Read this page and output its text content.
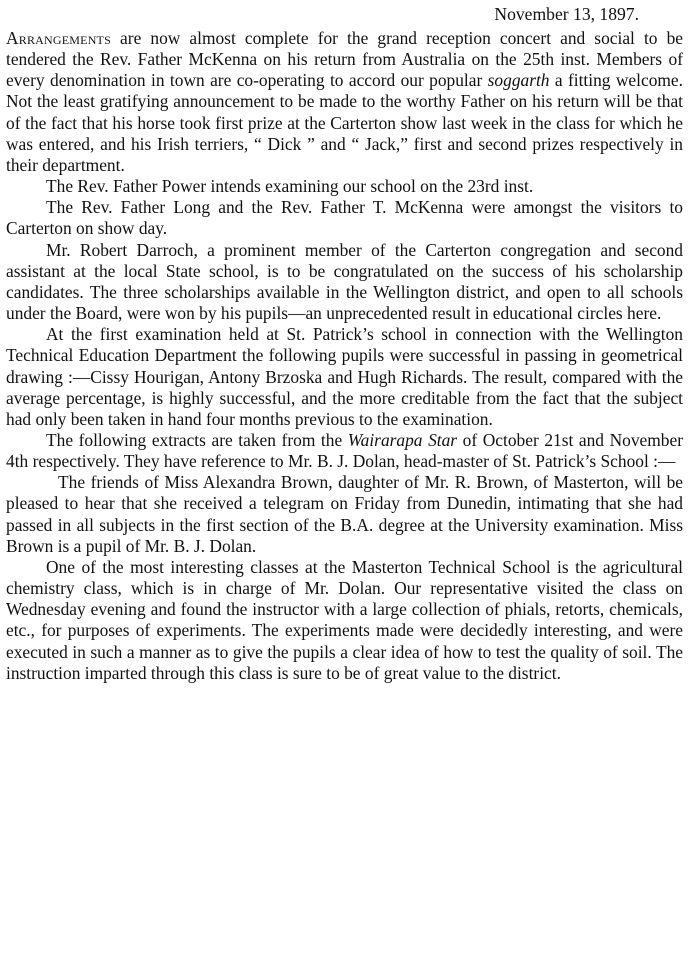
November 13, 1897.

Arrangements are now almost complete for the grand reception concert and social to be tendered the Rev. Father McKenna on his return from Australia on the 25th inst. Members of every denomination in town are co-operating to accord our popular soggarth a fitting welcome. Not the least gratifying announcement to be made to the worthy Father on his return will be that of the fact that his horse took first prize at the Carterton show last week in the class for which he was entered, and his Irish terriers, “ Dick ” and “ Jack,” first and second prizes respectively in their department.

The Rev. Father Power intends examining our school on the 23rd inst.

The Rev. Father Long and the Rev. Father T. McKenna were amongst the visitors to Carterton on show day.

Mr. Robert Darroch, a prominent member of the Carterton congregation and second assistant at the local State school, is to be congratulated on the success of his scholarship candidates. The three scholarships available in the Wellington district, and open to all schools under the Board, were won by his pupils—an unprecedented result in educational circles here.

At the first examination held at St. Patrick’s school in connection with the Wellington Technical Education Department the following pupils were successful in passing in geometrical drawing :—Cissy Hourigan, Antony Brzoska and Hugh Richards. The result, compared with the average percentage, is highly successful, and the more creditable from the fact that the subject had only been taken in hand four months previous to the examination.

The following extracts are taken from the Wairarapa Star of October 21st and November 4th respectively. They have reference to Mr. B. J. Dolan, head-master of St. Patrick’s School :—

The friends of Miss Alexandra Brown, daughter of Mr. R. Brown, of Masterton, will be pleased to hear that she received a telegram on Friday from Dunedin, intimating that she had passed in all subjects in the first section of the B.A. degree at the University examination. Miss Brown is a pupil of Mr. B. J. Dolan.

One of the most interesting classes at the Masterton Technical School is the agricultural chemistry class, which is in charge of Mr. Dolan. Our representative visited the class on Wednesday evening and found the instructor with a large collection of phials, retorts, chemicals, etc., for purposes of experiments. The experiments made were decidedly interesting, and were executed in such a manner as to give the pupils a clear idea of how to test the quality of soil. The instruction imparted through this class is sure to be of great value to the district.
